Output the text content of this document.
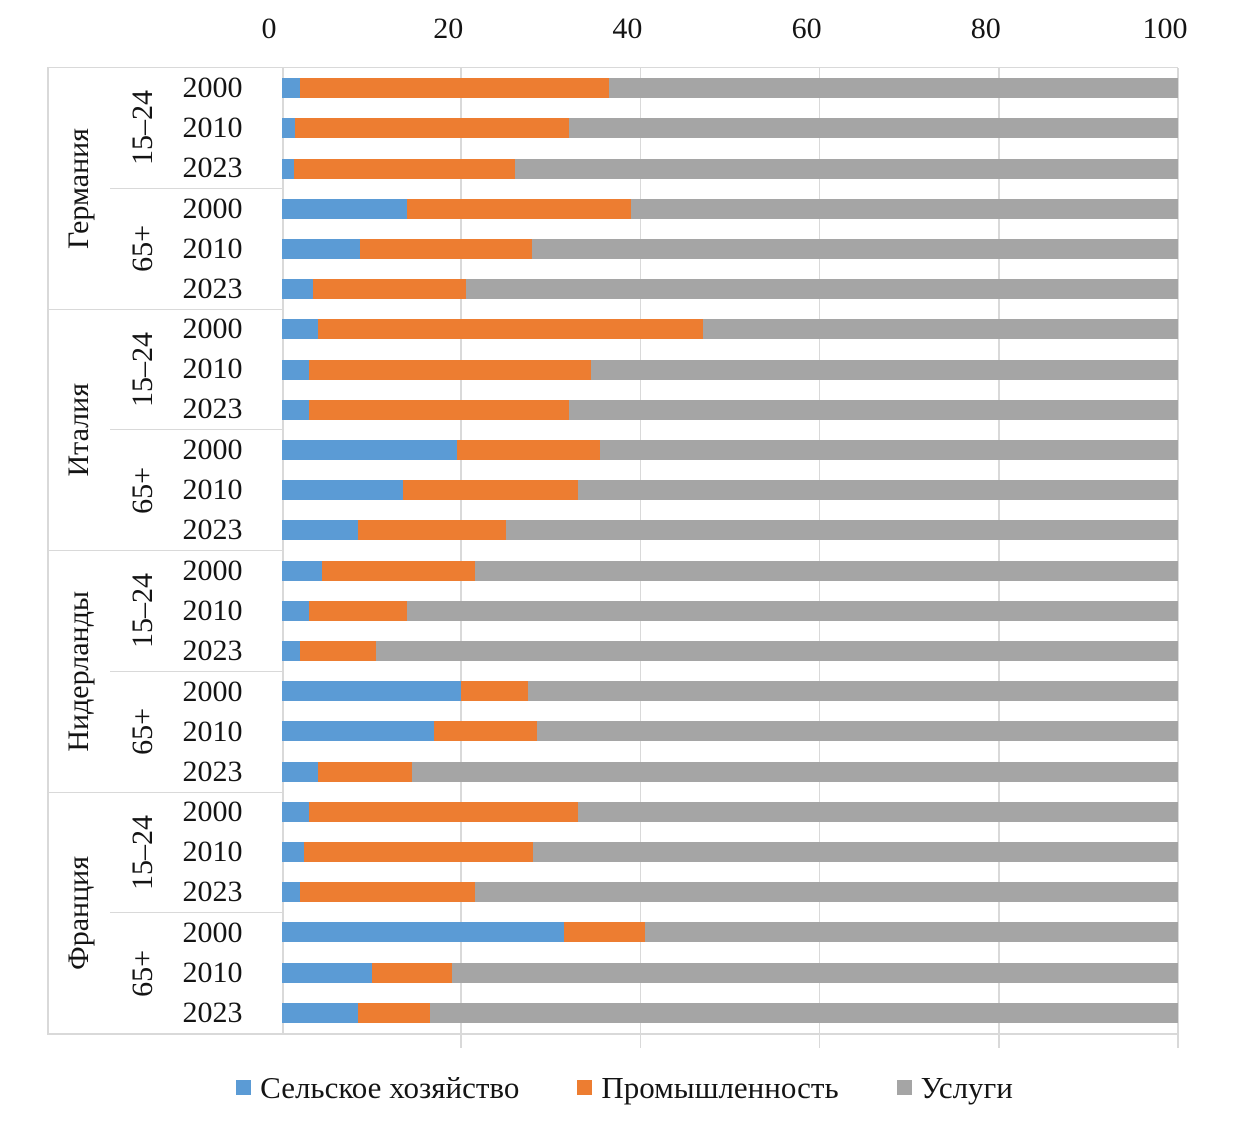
0	20	40	60	80	100
Германия 15–24
2000
2010
2023
65+
2000
2010
2023
Италия
15–24
2000
2010
2023
65+
2000
2010
2023
Нидерланды 15–24
2000
2010
2023
65+
2000
2010
2023
Франция
15–24
2000
2010
2023
65+
2000
2010
2023
Сельское хозяйство	Промышленность	Услуги
